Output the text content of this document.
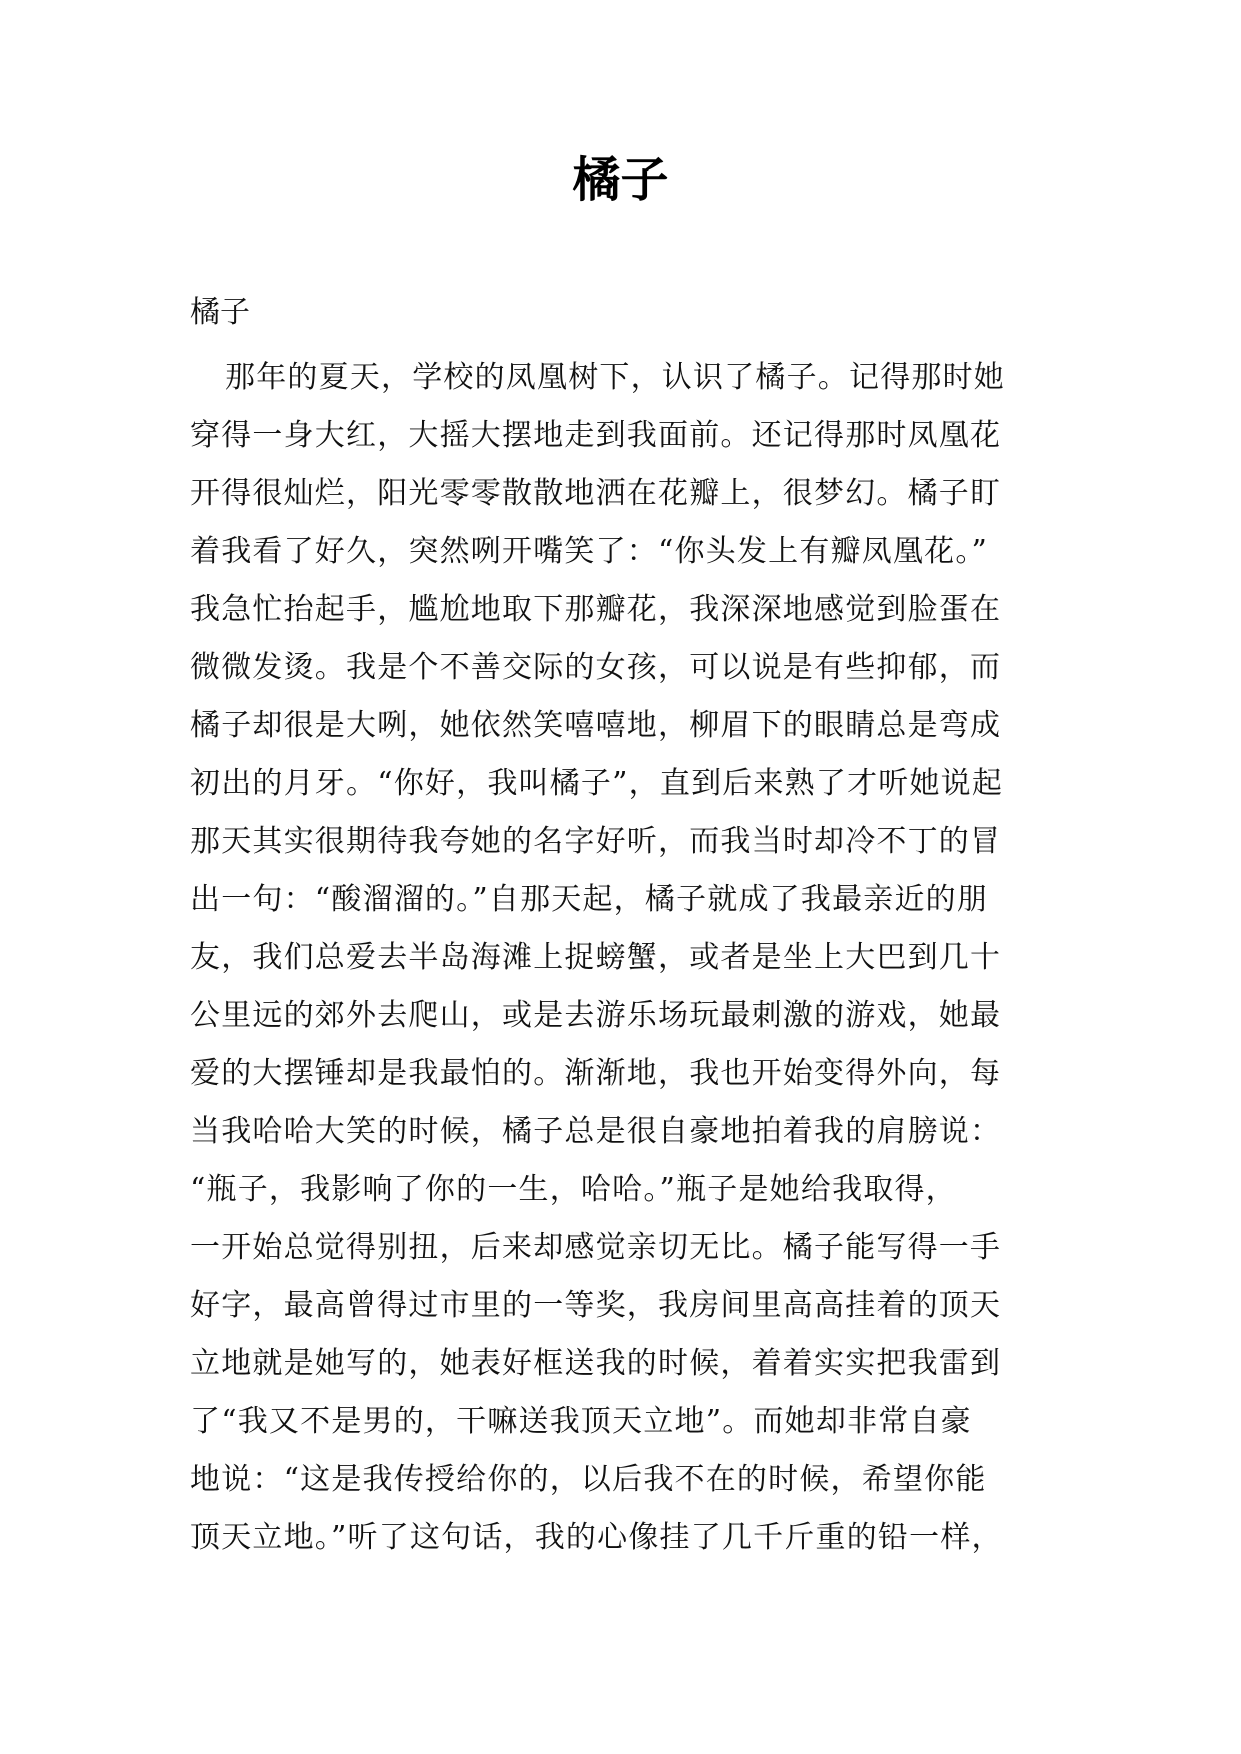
橘子

橘子

那年的夏天，学校的凤凰树下，认识了橘子。记得那时她
穿得一身大红，大摇大摆地走到我面前。还记得那时凤凰花
开得很灿烂，阳光零零散散地洒在花瓣上，很梦幻。橘子盯
着我看了好久，突然咧开嘴笑了：“你头发上有瓣凤凰花。”
我急忙抬起手，尴尬地取下那瓣花，我深深地感觉到脸蛋在
微微发烫。我是个不善交际的女孩，可以说是有些抑郁，而
橘子却很是大咧，她依然笑嘻嘻地，柳眉下的眼睛总是弯成
初出的月牙。“你好，我叫橘子”，直到后来熟了才听她说起
那天其实很期待我夸她的名字好听，而我当时却冷不丁的冒
出一句：“酸溜溜的。”自那天起，橘子就成了我最亲近的朋
友，我们总爱去半岛海滩上捉螃蟹，或者是坐上大巴到几十
公里远的郊外去爬山，或是去游乐场玩最刺激的游戏，她最
爱的大摆锤却是我最怕的。渐渐地，我也开始变得外向，每
当我哈哈大笑的时候，橘子总是很自豪地拍着我的肩膀说：
“瓶子，我影响了你的一生，哈哈。”瓶子是她给我取得，
一开始总觉得别扭，后来却感觉亲切无比。橘子能写得一手
好字，最高曾得过市里的一等奖，我房间里高高挂着的顶天
立地就是她写的，她表好框送我的时候，着着实实把我雷到
了“我又不是男的，干嘛送我顶天立地”。而她却非常自豪
地说：“这是我传授给你的，以后我不在的时候，希望你能
顶天立地。”听了这句话，我的心像挂了几千斤重的铅一样，
